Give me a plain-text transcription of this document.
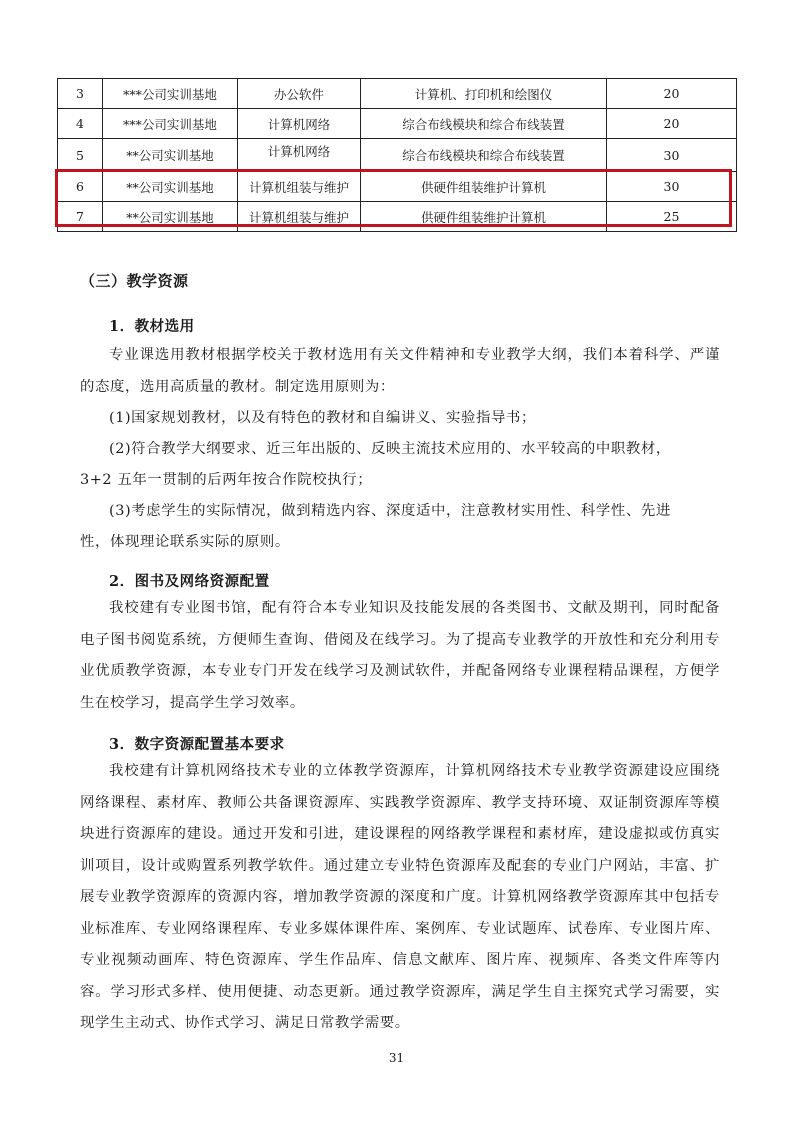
3	***公司实训基地	办公软件	计算机、打印机和绘图仪	20
4	***公司实训基地	计算机网络	综合布线模块和综合布线装置	20
5	**公司实训基地	计算机网络	综合布线模块和综合布线装置	30
6	**公司实训基地	计算机组装与维护	供硬件组装维护计算机	30
7	**公司实训基地	计算机组装与维护	供硬件组装维护计算机	25
（三）教学资源
1．教材选用

专业课选用教材根据学校关于教材选用有关文件精神和专业教学大纲，我们本着科学、严谨的态度，选用高质量的教材。制定选用原则为：

(1)国家规划教材，以及有特色的教材和自编讲义、实验指导书；

(2)符合教学大纲要求、近三年出版的、反映主流技术应用的、水平较高的中职教材，

3+2 五年一贯制的后两年按合作院校执行；

(3)考虑学生的实际情况，做到精选内容、深度适中，注意教材实用性、科学性、先进

性，体现理论联系实际的原则。

2．图书及网络资源配置

我校建有专业图书馆，配有符合本专业知识及技能发展的各类图书、文献及期刊，同时配备电子图书阅览系统，方便师生查询、借阅及在线学习。为了提高专业教学的开放性和充分利用专业优质教学资源，本专业专门开发在线学习及测试软件，并配备网络专业课程精品课程，方便学生在校学习，提高学生学习效率。

3．数字资源配置基本要求

我校建有计算机网络技术专业的立体教学资源库，计算机网络技术专业教学资源建设应围绕网络课程、素材库、教师公共备课资源库、实践教学资源库、教学支持环境、双证制资源库等模块进行资源库的建设。通过开发和引进，建设课程的网络教学课程和素材库，建设虚拟或仿真实训项目，设计或购置系列教学软件。通过建立专业特色资源库及配套的专业门户网站，丰富、扩展专业教学资源库的资源内容，增加教学资源的深度和广度。计算机网络教学资源库其中包括专业标准库、专业网络课程库、专业多媒体课件库、案例库、专业试题库、试卷库、专业图片库、专业视频动画库、特色资源库、学生作品库、信息文献库、图片库、视频库、各类文件库等内容。学习形式多样、使用便捷、动态更新。通过教学资源库，满足学生自主探究式学习需要，实现学生主动式、协作式学习、满足日常教学需要。

31
